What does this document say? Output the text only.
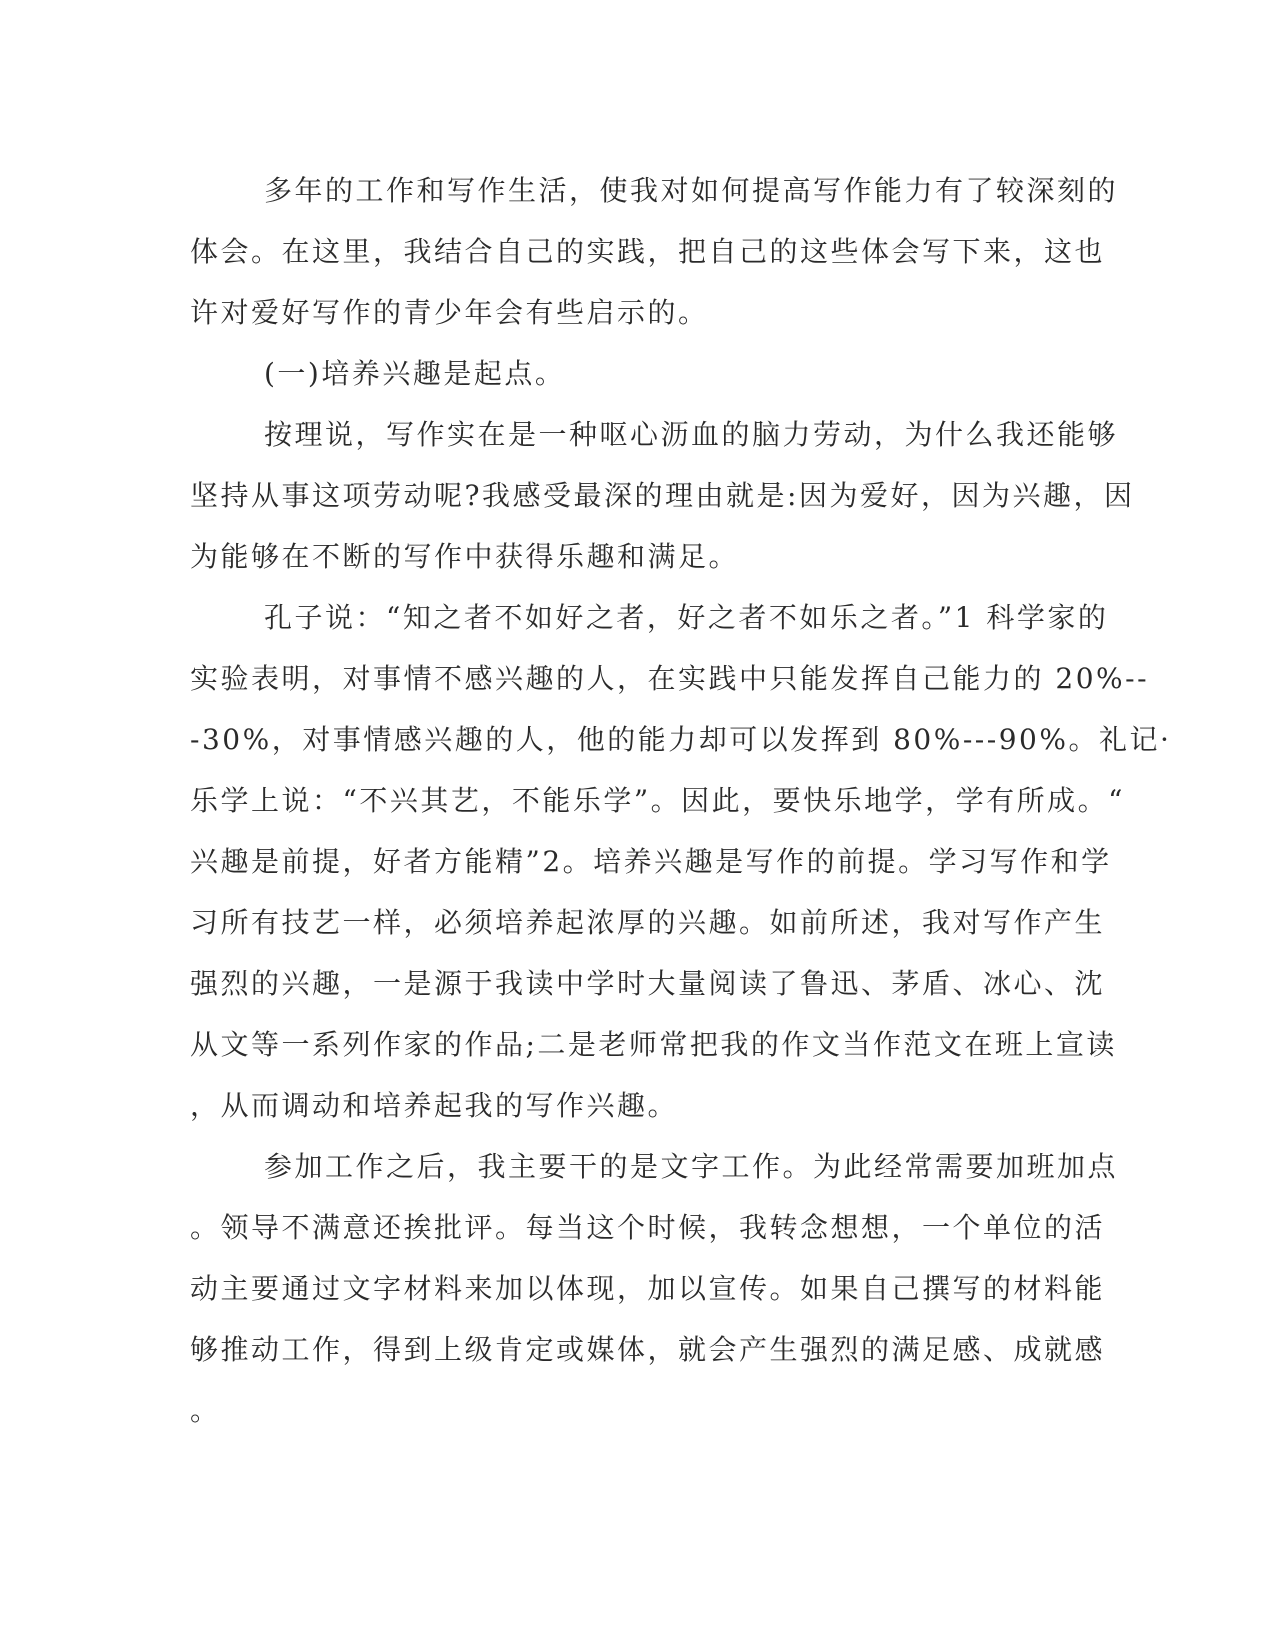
多年的工作和写作生活，使我对如何提高写作能力有了较深刻的
体会。在这里，我结合自己的实践，把自己的这些体会写下来，这也
许对爱好写作的青少年会有些启示的。
(一)培养兴趣是起点。
按理说，写作实在是一种呕心沥血的脑力劳动，为什么我还能够
坚持从事这项劳动呢?我感受最深的理由就是:因为爱好，因为兴趣，因
为能够在不断的写作中获得乐趣和满足。
孔子说：“知之者不如好之者，好之者不如乐之者。”1 科学家的
实验表明，对事情不感兴趣的人，在实践中只能发挥自己能力的 20%--
-30%，对事情感兴趣的人，他的能力却可以发挥到 80%---90%。礼记·
乐学上说：“不兴其艺，不能乐学”。因此，要快乐地学，学有所成。“
兴趣是前提，好者方能精”2。培养兴趣是写作的前提。学习写作和学
习所有技艺一样，必须培养起浓厚的兴趣。如前所述，我对写作产生
强烈的兴趣，一是源于我读中学时大量阅读了鲁迅、茅盾、冰心、沈
从文等一系列作家的作品;二是老师常把我的作文当作范文在班上宣读
，从而调动和培养起我的写作兴趣。
参加工作之后，我主要干的是文字工作。为此经常需要加班加点
。领导不满意还挨批评。每当这个时候，我转念想想，一个单位的活
动主要通过文字材料来加以体现，加以宣传。如果自己撰写的材料能
够推动工作，得到上级肯定或媒体，就会产生强烈的满足感、成就感
。
